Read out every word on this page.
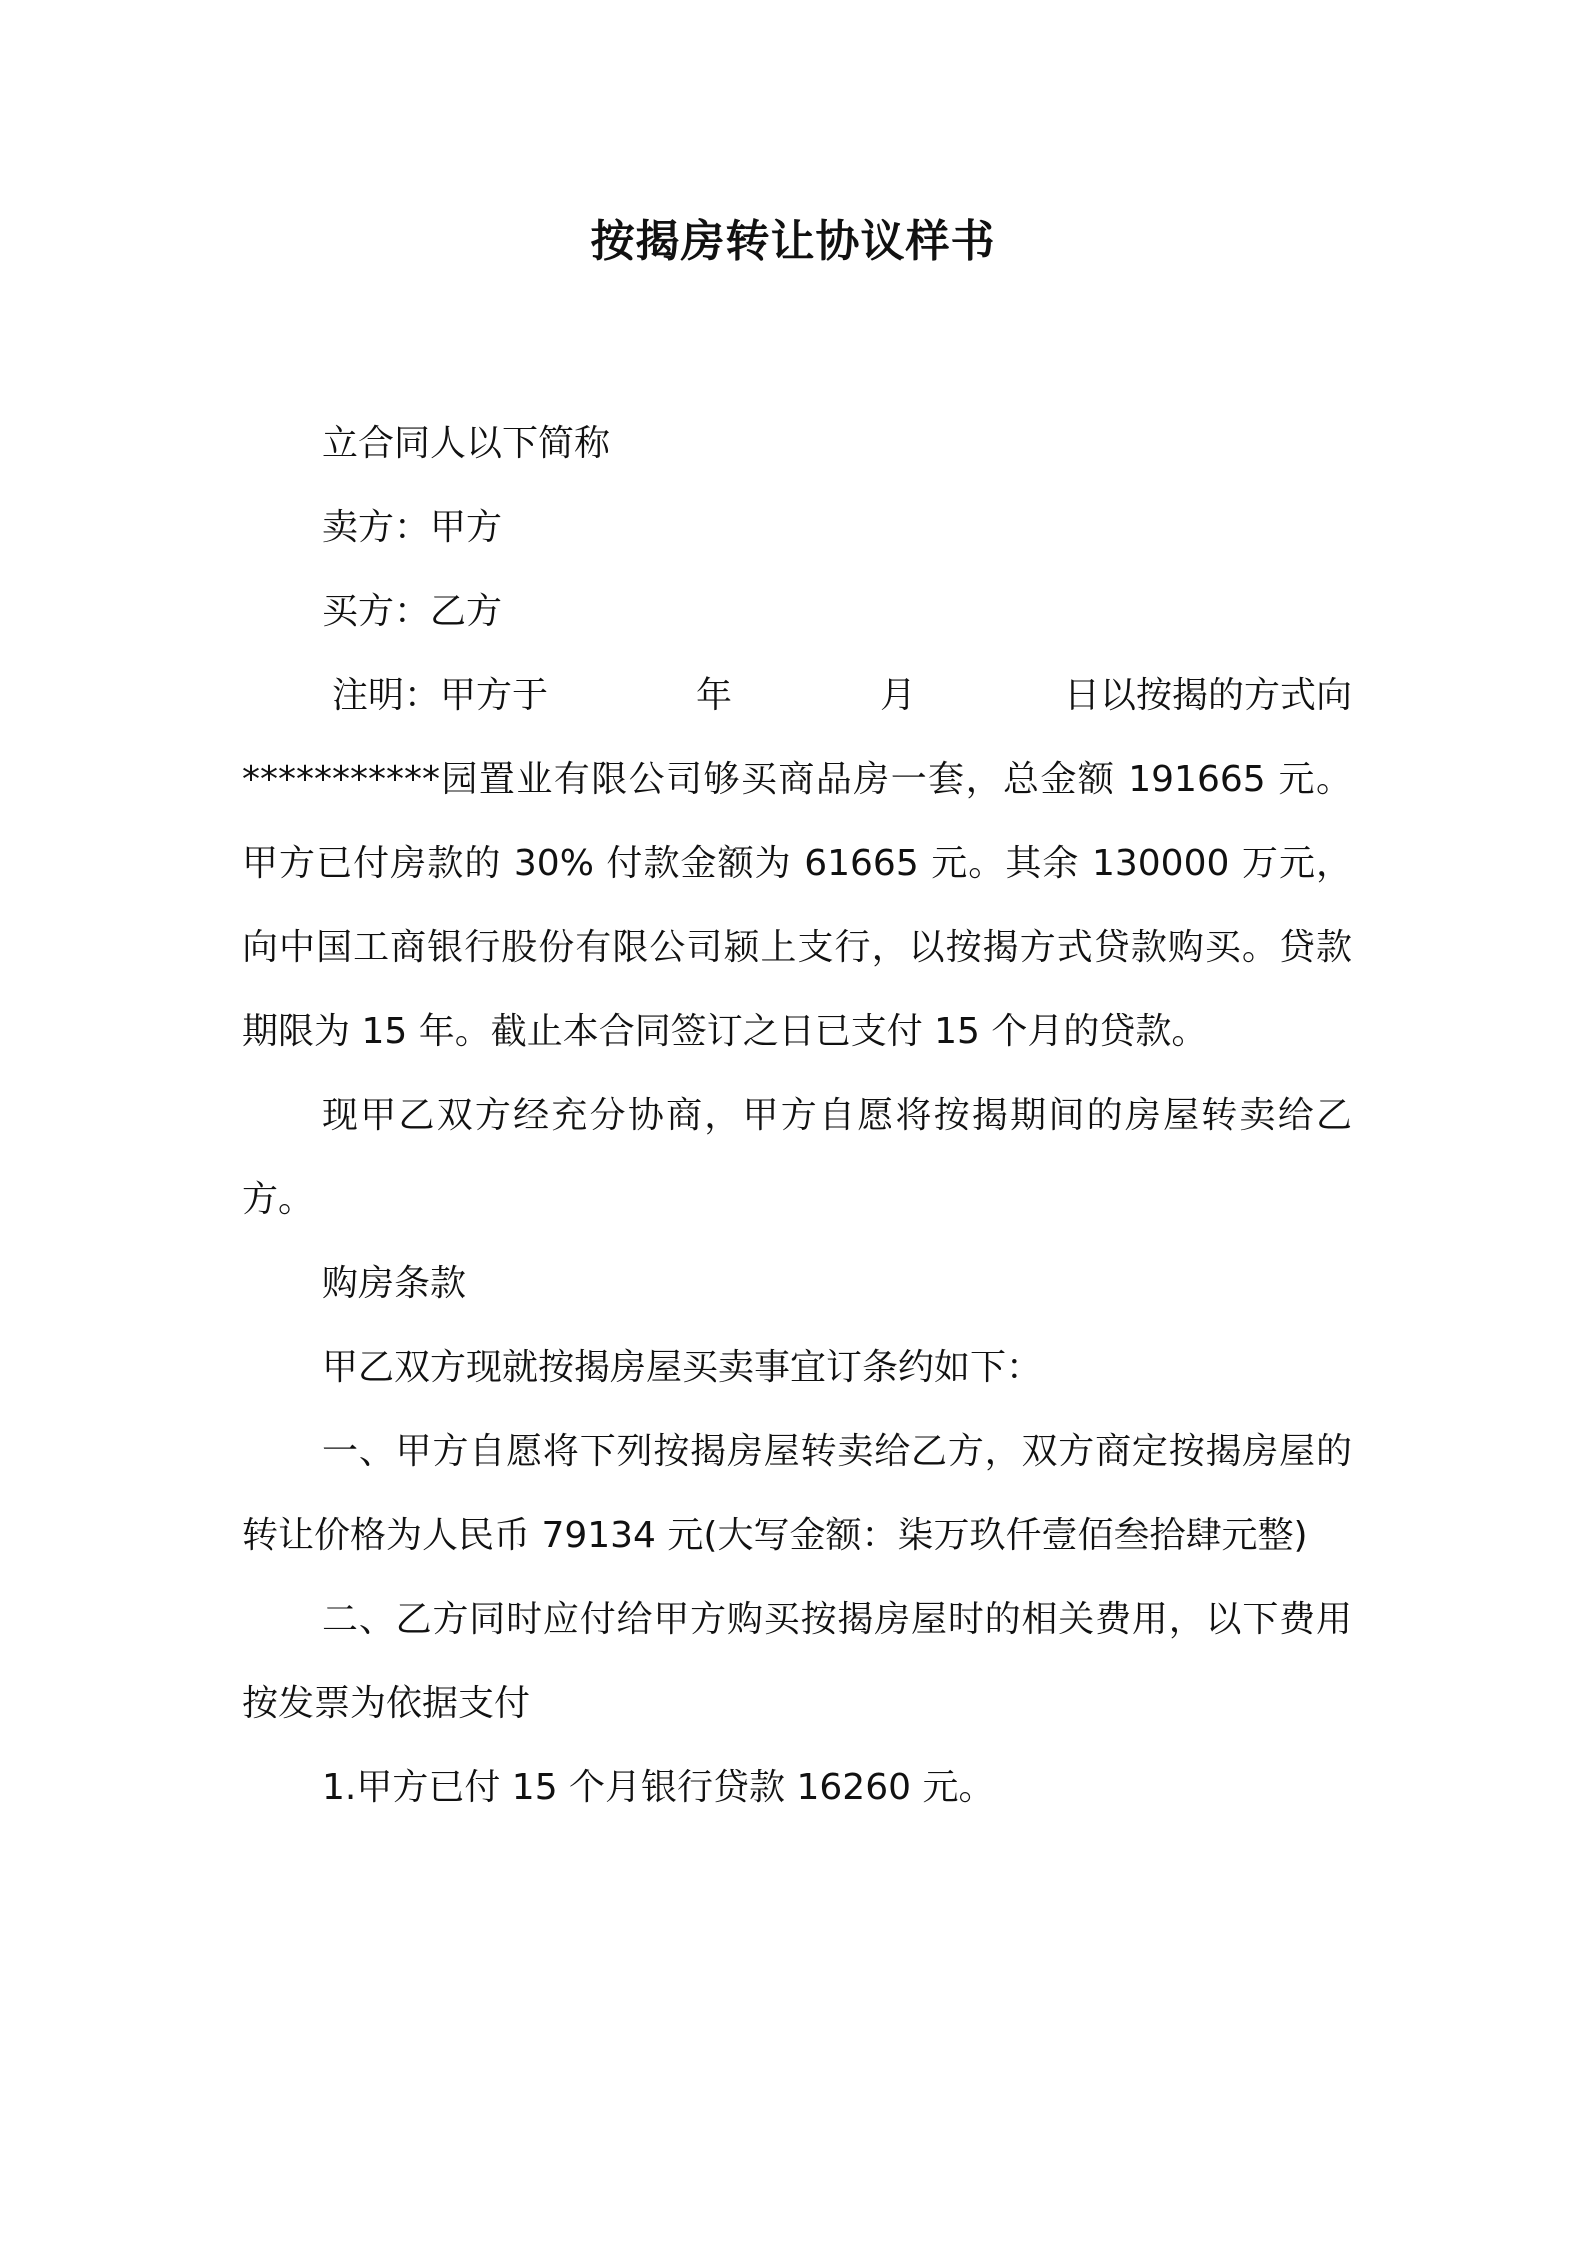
按揭房转让协议样书

立合同人以下简称

卖方：甲方

买方：乙方

注明：甲方于	年	月	日以按揭的方式向

***********园置业有限公司够买商品房一套，总金额 191665 元。甲方已付房款的 30% 付款金额为 61665 元。其余 130000 万元，向中国工商银行股份有限公司颍上支行，以按揭方式贷款购买。贷款期限为 15 年。截止本合同签订之日已支付 15 个月的贷款。

现甲乙双方经充分协商，甲方自愿将按揭期间的房屋转卖给乙方。

购房条款

甲乙双方现就按揭房屋买卖事宜订条约如下：

一、甲方自愿将下列按揭房屋转卖给乙方，双方商定按揭房屋的转让价格为人民币 79134 元(大写金额：柒万玖仟壹佰叁拾肆元整)

二、乙方同时应付给甲方购买按揭房屋时的相关费用，以下费用按发票为依据支付

1.甲方已付 15 个月银行贷款 16260 元。
